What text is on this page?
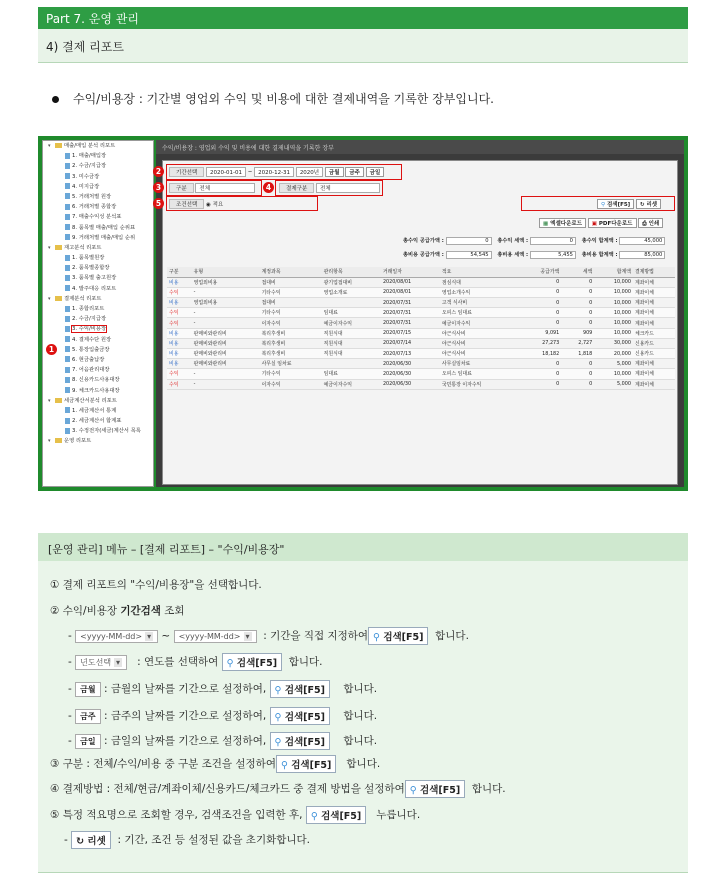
Part 7. 운영 관리
4) 결제 리포트
수익/비용장 : 기간별 영업외 수익 및 비용에 대한 결제내역을 기록한 장부입니다.
▾	매출/매입 분석 리포트
1. 매출/매입장
2. 수금/지급장
3. 미수금장
4. 미지급장
5. 거래처별 원장
6. 거래처별 종합장
7. 매출수익성 분석표
8. 품목별 매출/매입 순위표
9. 거래처별 매출/매입 순위
▾	재고분석 리포트
1. 품목별원장
2. 품목별종합장
3. 품목별 출고원장
4. 발주대응 리포트
▾	결제분석 리포트
1. 종합리포트
2. 수금/지급장
3. 수익/비용장
4. 결제수단 원장
5. 통장입출금장
6. 현금출납장
7. 어음관리대장
8. 신용카드사용대장
9. 체크카드사용대장
▾	세금계산서분석 리포트
1. 세금계산서 통계
2. 세금계산서 합계표
3. 수정전자(세금)계산서 목록
▾	운영 리포트
수익/비용장 : 영업외 수익 및 비용에 대한 결제내역을 기록한 장부
기간선택 2020-01-01 ~ 2020-12-31 2020년 금월 금주 금일
2
구분 전체
3	결제구분 전체
4
조건선택 ◉ 적요
5	⚲ 검색[F5] ↻ 리셋
▦ 엑셀다운로드 ▣ PDF다운로드 ⎙ 인쇄
총수익 공급가액 :	0 총수익 세액 :	0 총수익 합계액 :	45,000
총비용 공급가액 :	54,545 총비용 세액 :	5,455 총비용 합계액 :	85,000
구분	유형	계정과목	관리항목	거래일자	적요	공급가액	세액	합계액	결제방법
비용	영업외비용	접대비	광기업접대비	2020/08/01	점심식대	0	0	10,000	계좌이체
수익	-	기타수익	영업소개료	2020/08/01	영업소개수익	0	0	10,000	계좌이체
비용	영업외비용	접대비		2020/07/31	고객 식사비	0	0	10,000	계좌이체
수익	-	기타수익	임대료	2020/07/31	오피스 임대료	0	0	10,000	계좌이체
수익	-	이자수익	예금이자수익	2020/07/31	예금이자수익	0	0	10,000	계좌이체
비용	판매비와관리비	복리후생비	직원식대	2020/07/15	야근식사비	9,091	909	10,000	체크카드
비용	판매비와관리비	복리후생비	직원식대	2020/07/14	야근식사비	27,273	2,727	30,000	신용카드
비용	판매비와관리비	복리후생비	직원식대	2020/07/13	야근식사비	18,182	1,818	20,000	신용카드
비용	판매비와관리비	사무실 임차료		2020/06/30	사무실임차료	0	0	5,000	계좌이체
수익	-	기타수익	임대료	2020/06/30	오피스 임대료	0	0	10,000	계좌이체
수익	-	이자수익	예금이자수익	2020/06/30	국민통장 이자수익	0	0	5,000	계좌이체
1
[운영 관리] 메뉴 – [결제 리포트] – "수익/비용장"
① 결제 리포트의 "수익/비용장"을 선택합니다.
② 수익/비용장 기간검색 조회
- <yyyy-MM-dd> ▾ ~ <yyyy-MM-dd> ▾ : 기간을 직접 지정하여 ⚲ 검색[F5] 합니다.
- 년도선택 ▾ : 연도를 선택하여 ⚲ 검색[F5] 합니다.
- 금월 : 금월의 날짜를 기간으로 설정하여, ⚲ 검색[F5] 합니다.
- 금주 : 금주의 날짜를 기간으로 설정하여, ⚲ 검색[F5] 합니다.
- 금일 : 금일의 날짜를 기간으로 설정하여, ⚲ 검색[F5] 합니다.
③ 구분 : 전체/수익/비용 중 구분 조건을 설정하여 ⚲ 검색[F5] 합니다.
④ 결제방법 : 전체/현금/계좌이체/신용카드/체크카드 중 결제 방법을 설정하여 ⚲ 검색[F5] 합니다.
⑤ 특정 적요명으로 조회할 경우, 검색조건을 입력한 후, ⚲ 검색[F5] 누릅니다.
- ↻ 리셋 : 기간, 조건 등 설정된 값을 초기화합니다.
